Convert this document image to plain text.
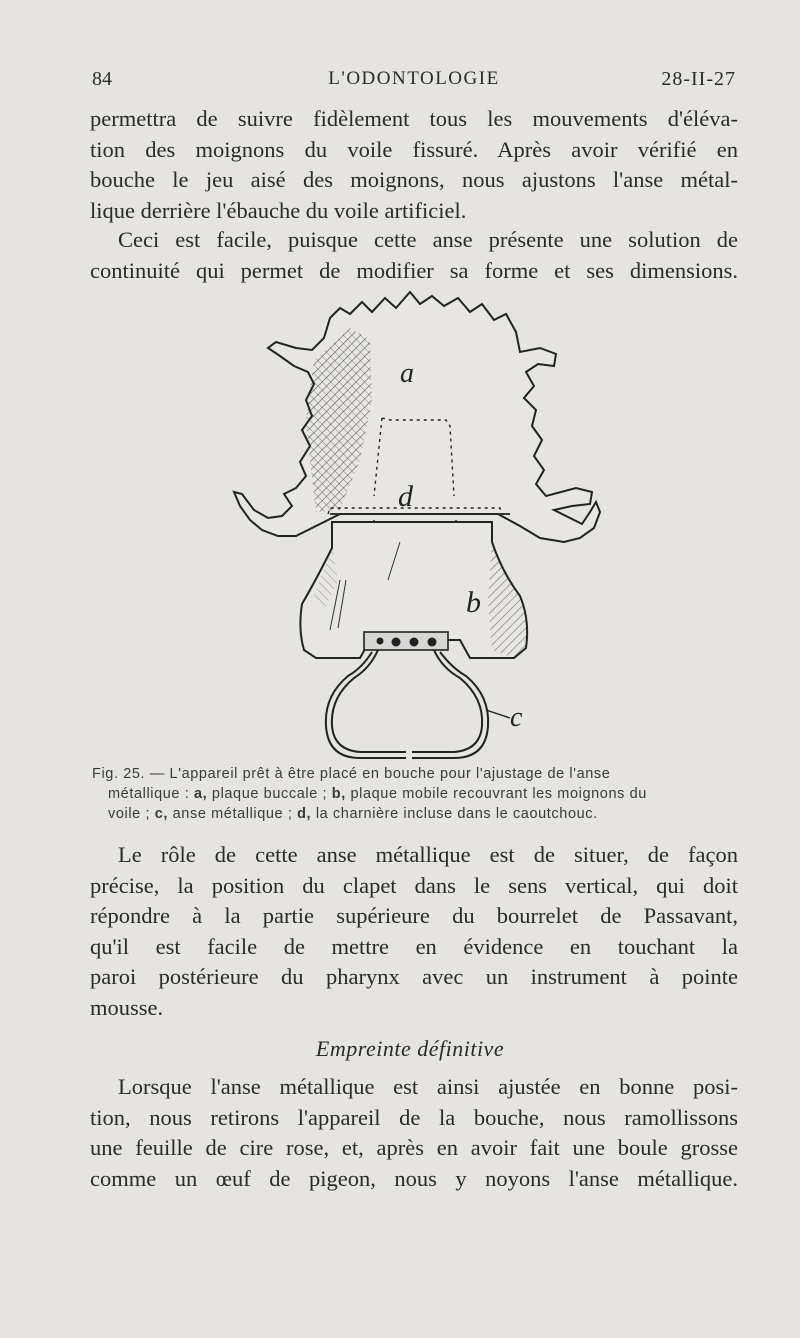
84	L'ODONTOLOGIE	28-II-27

permettra de suivre fidèlement tous les mouvements d'éléva-
tion des moignons du voile fissuré. Après avoir vérifié en
bouche le jeu aisé des moignons, nous ajustons l'anse métal-
lique derrière l'ébauche du voile artificiel.

Ceci est facile, puisque cette anse présente une solution de
continuité qui permet de modifier sa forme et ses dimensions.

a
d
b
c

Fig. 25. — L'appareil prêt à être placé en bouche pour l'ajustage de l'anse
métallique : a, plaque buccale ; b, plaque mobile recouvrant les moignons du
voile ; c, anse métallique ; d, la charnière incluse dans le caoutchouc.

Le rôle de cette anse métallique est de situer, de façon
précise, la position du clapet dans le sens vertical, qui doit
répondre à la partie supérieure du bourrelet de Passavant,
qu'il est facile de mettre en évidence en touchant la
paroi postérieure du pharynx avec un instrument à pointe
mousse.

Empreinte définitive

Lorsque l'anse métallique est ainsi ajustée en bonne posi-
tion, nous retirons l'appareil de la bouche, nous ramollissons
une feuille de cire rose, et, après en avoir fait une boule grosse
comme un œuf de pigeon, nous y noyons l'anse métallique.
